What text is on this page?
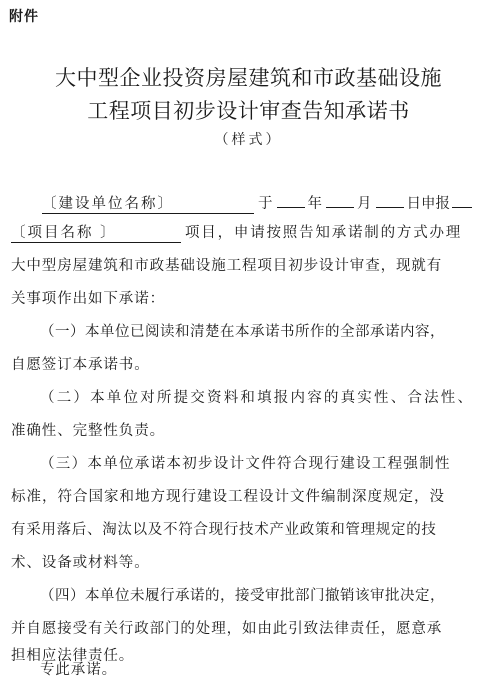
附件
大中型企业投资房屋建筑和市政基础设施
工程项目初步设计审查告知承诺书
（样式）
〔建设单位名称〕	于 年 月 日申报
〔项目名称 〕	项目，申请按照告知承诺制的方式办理
大中型房屋建筑和市政基础设施工程项目初步设计审查，现就有
关事项作出如下承诺：
（一）本单位已阅读和清楚在本承诺书所作的全部承诺内容，
自愿签订本承诺书。
（二）本单位对所提交资料和填报内容的真实性、合法性、
准确性、完整性负责。
（三）本单位承诺本初步设计文件符合现行建设工程强制性
标准，符合国家和地方现行建设工程设计文件编制深度规定，没
有采用落后、淘汰以及不符合现行技术产业政策和管理规定的技
术、设备或材料等。
（四）本单位未履行承诺的，接受审批部门撤销该审批决定，
并自愿接受有关行政部门的处理，如由此引致法律责任，愿意承
担相应法律责任。
专此承诺。
